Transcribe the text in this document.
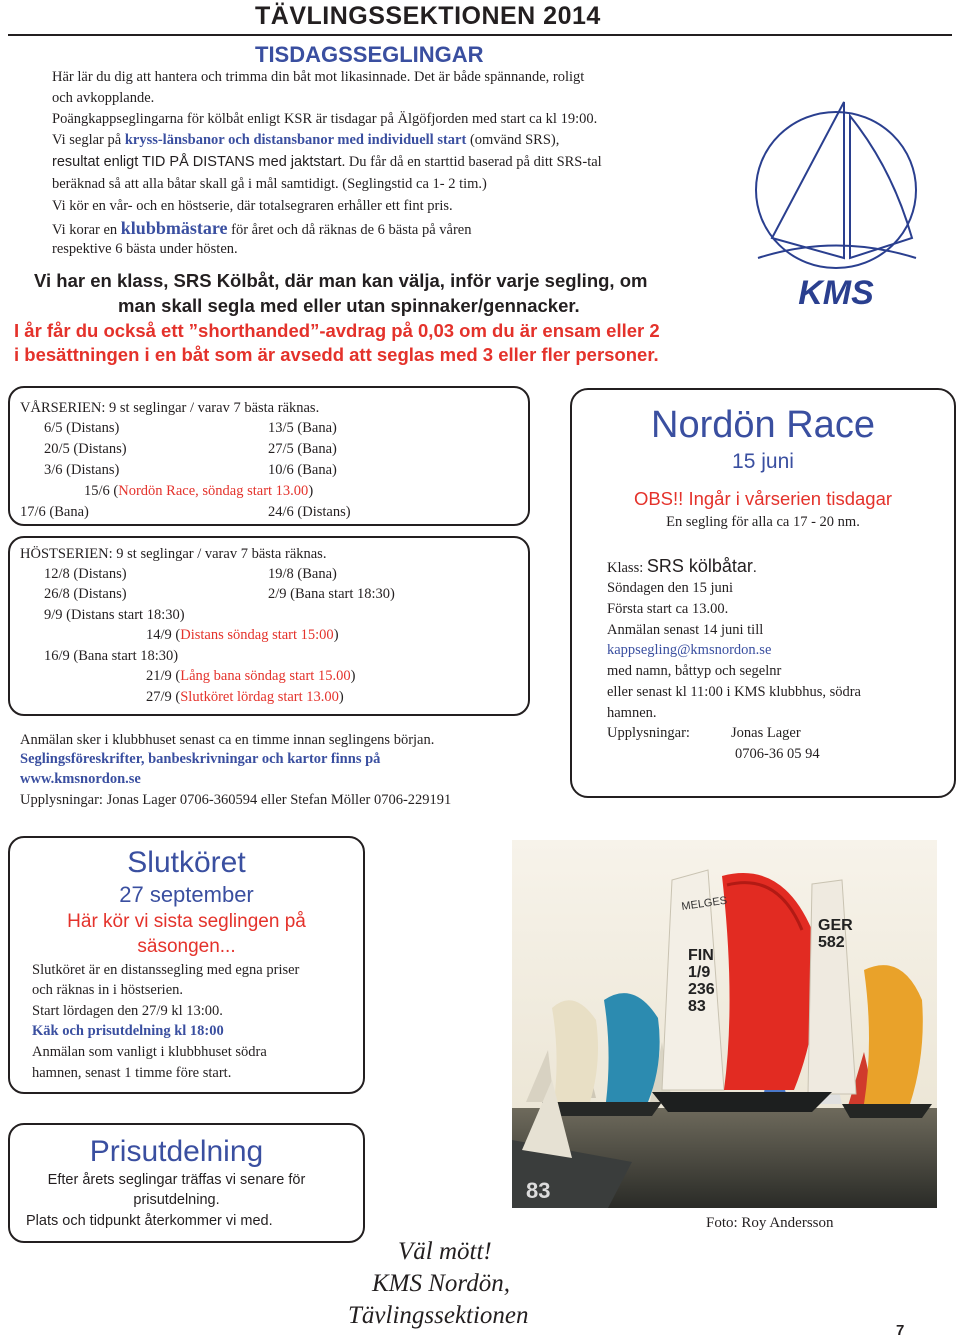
TÄVLINGSSEKTIONEN 2014
TISDAGSSEGLINGAR
Här lär du dig att hantera och trimma din båt mot likasinnade. Det är både spännande, roligt
och avkopplande.
Poängkappseglingarna för kölbåt enligt KSR är tisdagar på Älgöfjorden med start ca kl 19:00.
Vi seglar på kryss-länsbanor och distansbanor med individuell start (omvänd SRS),
resultat enligt TID PÅ DISTANS med jaktstart. Du får då en starttid baserad på ditt SRS-tal
beräknad så att alla båtar skall gå i mål samtidigt. (Seglingstid ca 1- 2 tim.)
Vi kör en vår- och en höstserie, där totalsegraren erhåller ett fint pris.
Vi korar en klubbmästare för året och då räknas de 6 bästa på våren
respektive 6 bästa under hösten.
Vi har en klass, SRS Kölbåt, där man kan välja, inför varje segling, om
man skall segla med eller utan spinnaker/gennacker.
I år får du också ett ”shorthanded”-avdrag på 0,03 om du är ensam eller 2
i besättningen i en båt som är avsedd att seglas med 3 eller fler personer.
KMS
VÅRSERIEN: 9 st seglingar / varav 7 bästa räknas.
6/5 (Distans)	13/5 (Bana)
20/5 (Distans)	27/5 (Bana)
3/6 (Distans)	10/6 (Bana)
15/6 (Nordön Race, söndag start 13.00)
17/6 (Bana)	24/6 (Distans)
HÖSTSERIEN: 9 st seglingar / varav 7 bästa räknas.
12/8 (Distans)	19/8 (Bana)
26/8 (Distans)	2/9 (Bana start 18:30)
9/9 (Distans start 18:30)
14/9 (Distans söndag start 15:00)
16/9 (Bana start 18:30)
21/9 (Lång bana söndag start 15.00)
27/9 (Slutköret lördag start 13.00)
Anmälan sker i klubbhuset senast ca en timme innan seglingens början.
Seglingsföreskrifter, banbeskrivningar och kartor finns på
www.kmsnordon.se
Upplysningar: Jonas Lager 0706-360594 eller Stefan Möller 0706-229191
Nordön Race
15 juni
OBS!! Ingår i vårserien tisdagar
En segling för alla ca 17 - 20 nm.
Klass: SRS kölbåtar.
Söndagen den 15 juni
Första start ca 13.00.
Anmälan senast 14 juni till
kappsegling@kmsnordon.se
med namn, båttyp och segelnr
eller senast kl 11:00 i KMS klubbhus, södra
hamnen.
Upplysningar:	Jonas Lager
0706-36 05 94
Slutköret
27 september
Här kör vi sista seglingen på
säsongen...
Slutköret är en distanssegling med egna priser
och räknas in i höstserien.
Start lördagen den 27/9 kl 13:00.
Käk och prisutdelning kl 18:00
Anmälan som vanligt i klubbhuset södra
hamnen, senast 1 timme före start.
Prisutdelning
Efter årets seglingar träffas vi senare för
prisutdelning.
Plats och tidpunkt återkommer vi med.
MELGES
FIN 1/9 236 83
GER 582
83
Foto: Roy Andersson
Väl mött!
KMS Nordön,
Tävlingssektionen
7
